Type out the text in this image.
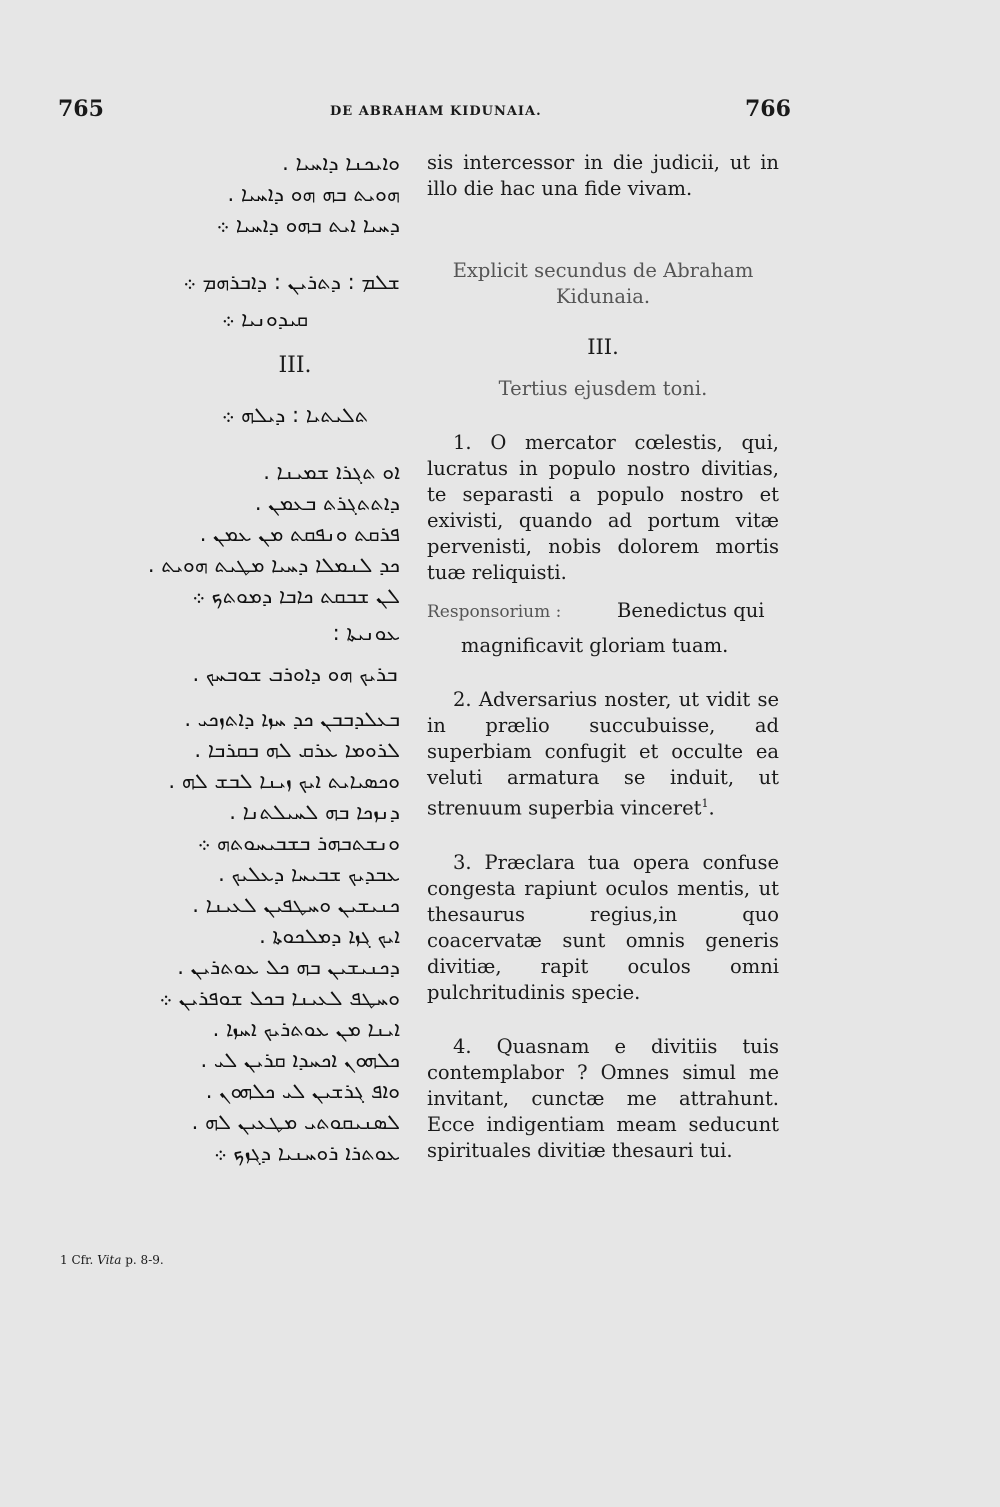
765	DE ABRAHAM KIDUNAIA.	766
ܘܐܝܟܢܐ ܕܐܚܝܐ .
ܗܘܝܬ ܒܗ ܗܘ ܕܐܚܝܐ .
ܕܚܝܐ ܐܝܬ ܒܗܘ ܕܐܚܝܐ ܀
ܫܠܡ : ܕܬܪܝܢ : ܕܐܒܪܗܡ ܀
ܩܝܕܘܢܝܐ ܀
III.
ܬܠܝܬܝܐ : ܕܝܠܗ ܀
ܐܘ ܬܓܪܐ ܫܡܝܢܐ .
ܕܐܬܬܓܪܬ ܒܥܡܢ .
ܦܪܩܬ ܘܢܦܩܬ ܡܢ ܥܡܢ .
ܟܕ ܠܢܡܠܐ ܕܚܝܐ ܡܛܝܬ ܗܘܝܬ .
ܠܢ ܫܒܩܬ ܟܐܒܐ ܕܡܘܬܟ ܀
ܥܘܢܝܬܐ :
ܒܪܝܟ ܗܘ ܕܐܘܪܒ ܫܘܒܚܟ .
ܒܥܠܕܒܒܢ ܟܕ ܚܙܐ ܕܐܬܙܟܝ .
ܠܪܘܡܐ ܥܪܩ ܠܗ ܒܩܪܒܐ .
ܘܟܣܝܐܝܬ ܐܝܟ ܙܝܢܐ ܠܒܫ ܠܗ .
ܕܢܙܟܐ ܒܗ ܠܚܝܠܬܢܐ .
ܘܢܫܬܒܗܪ ܒܫܒܝܚܘܬܗ ܀
ܥܒܕܝܟ ܫܒܝܚܐ ܕܥܠܝܟ .
ܟܢܝܫܝܢ ܘܚܛܦܝܢ ܠܥܝܢܐ .
ܐܝܟ ܓܙܐ ܕܡܠܟܘܬܐ .
ܕܟܢܝܫܝܢ ܒܗ ܟܠ ܥܘܬܪܝܢ .
ܘܚܛܦ ܠܥܝܢܐ ܒܟܠ ܫܘܦܪܝܢ ܀
ܐܝܢܐ ܡܢ ܥܘܬܪܝܟ ܐܚܙܐ .
ܟܠܗܘܢ ܐܟܚܕܐ ܩܪܝܢ ܠܝ .
ܘܐܦ ܓܪܫܝܢ ܠܝ ܟܠܗܘܢ .
ܠܣܢܝܩܘܬܝ ܡܛܥܝܢ ܠܗ .
ܥܘܬܪܐ ܪܘܚܢܝܐ ܕܓܙܟ ܀

sis intercessor in die judicii, ut in illo die hac una fide vivam.

Explicit secundus de Abraham Kidunaia.

III.

Tertius ejusdem toni.

1. O mercator cœlestis, qui, lucratus in populo nostro divitias, te separasti a populo nostro et exivisti, quando ad portum vitæ pervenisti, nobis dolorem mortis tuæ reliquisti.

Responsorium :	Benedictus qui
magnificavit gloriam tuam.

2. Adversarius noster, ut vidit se in prælio succubuisse, ad superbiam confugit et occulte ea veluti armatura se induit, ut strenuum superbia vinceret$^1$.

3. Præclara tua opera confuse congesta rapiunt oculos mentis, ut thesaurus regius,in quo coacervatæ sunt omnis generis divitiæ, rapit oculos omni pulchritudinis specie.

4. Quasnam e divitiis tuis contemplabor ? Omnes simul me invitant, cunctæ me attrahunt. Ecce indigentiam meam seducunt spirituales divitiæ thesauri tui.

1 Cfr. Vita p. 8-9.
